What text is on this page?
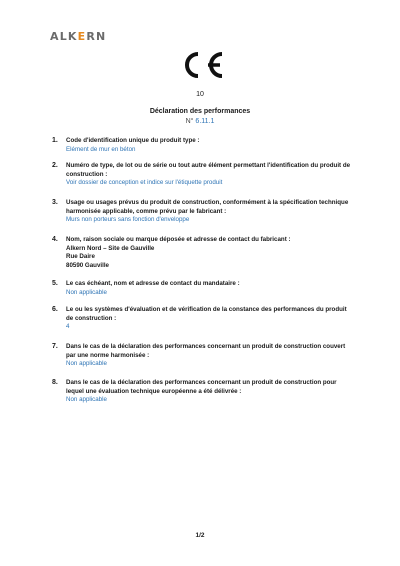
ALKERN
10
Déclaration des performances
N° 6.11.1
1. Code d'identification unique du produit type :
Elément de mur en béton
2. Numéro de type, de lot ou de série ou tout autre élément permettant l'identification du produit de construction :
Voir dossier de conception et indice sur l'étiquette produit
3. Usage ou usages prévus du produit de construction, conformément à la spécification technique harmonisée applicable, comme prévu par le fabricant :
Murs non porteurs sans fonction d'enveloppe
4. Nom, raison sociale ou marque déposée et adresse de contact du fabricant :
Alkern Nord – Site de Gauville
Rue Daire
80590 Gauville
5. Le cas échéant, nom et adresse de contact du mandataire :
Non applicable
6. Le ou les systèmes d'évaluation et de vérification de la constance des performances du produit de construction :
4
7. Dans le cas de la déclaration des performances concernant un produit de construction couvert par une norme harmonisée :
Non applicable
8. Dans le cas de la déclaration des performances concernant un produit de construction pour lequel une évaluation technique européenne a été délivrée :
Non applicable
1/2
